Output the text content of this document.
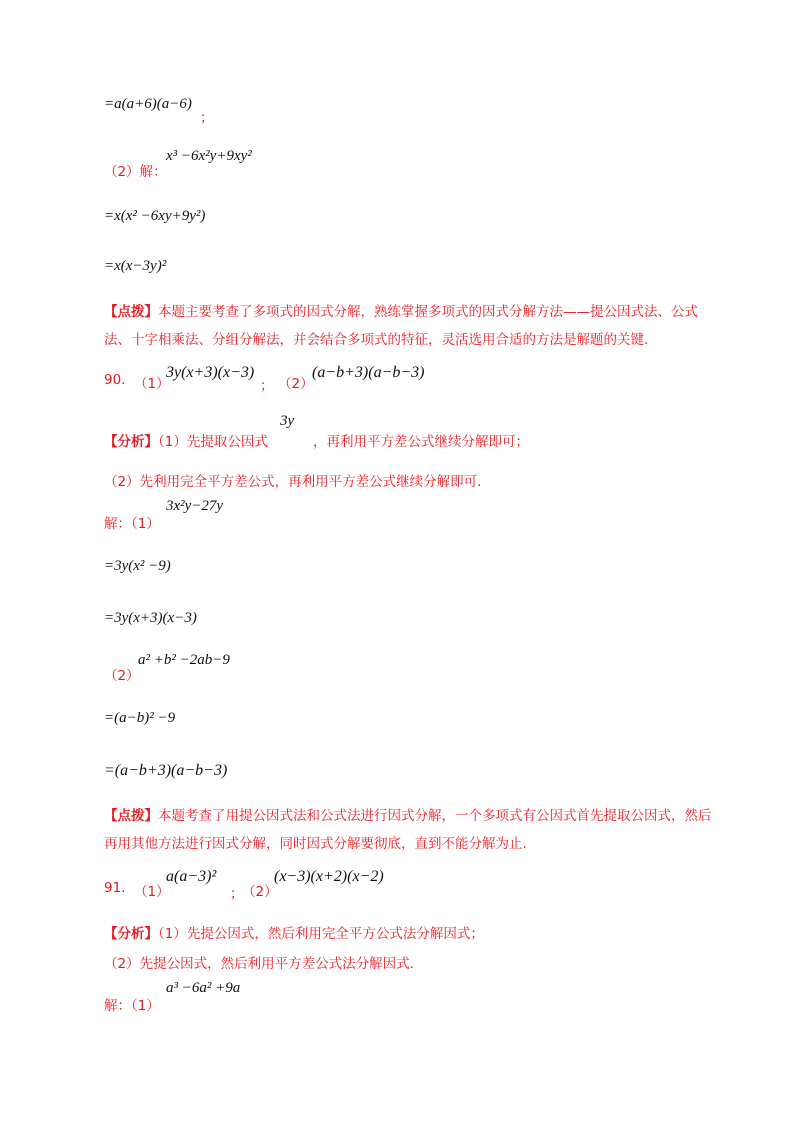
=a(a+6)(a−6)
；
（2）解：
x³ −6x²y+9xy²
=x(x² −6xy+9y²)
=x(x−3y)²
【点拨】本题主要考查了多项式的因式分解，熟练掌握多项式的因式分解方法——提公因式法、公式法、十字相乘法、分组分解法，并会结合多项式的特征，灵活选用合适的方法是解题的关键.
90. （1）
3y(x+3)(x−3)
； （2）
(a−b+3)(a−b−3)
【分析】（1）先提取公因式
3y
，再利用平方差公式继续分解即可；
（2）先利用完全平方差公式，再利用平方差公式继续分解即可.
解：（1）
3x²y−27y
=3y(x² −9)
=3y(x+3)(x−3)
（2）
a² +b² −2ab−9
=(a−b)² −9
=(a−b+3)(a−b−3)
【点拨】本题考查了用提公因式法和公式法进行因式分解，一个多项式有公因式首先提取公因式，然后再用其他方法进行因式分解，同时因式分解要彻底，直到不能分解为止.
91. （1）
a(a−3)²
；
（2）
(x−3)(x+2)(x−2)
【分析】（1）先提公因式，然后利用完全平方公式法分解因式；
（2）先提公因式，然后利用平方差公式法分解因式.
解：（1）
a³ −6a² +9a
